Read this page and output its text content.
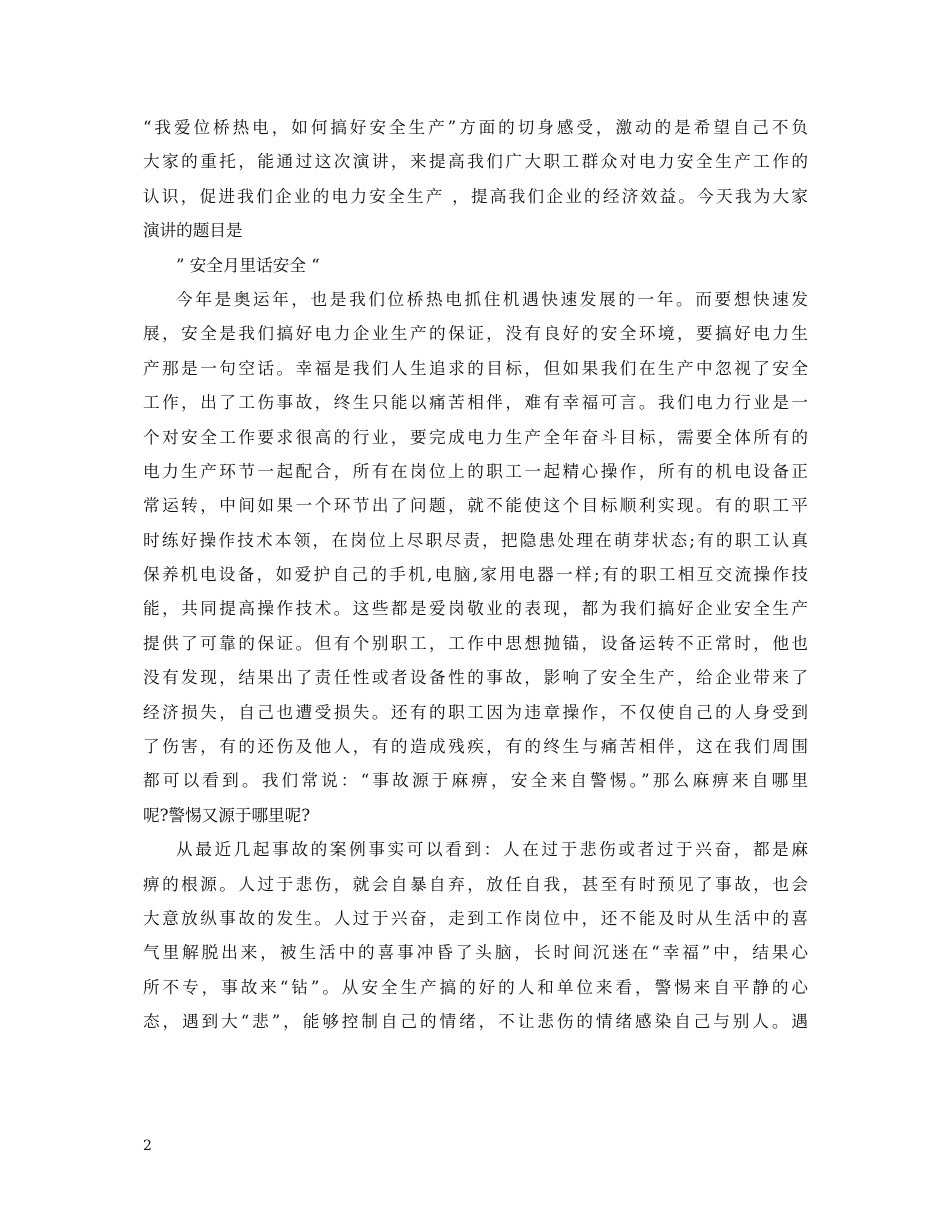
“我爱位桥热电，如何搞好安全生产”方面的切身感受，激动的是希望自己不负
大家的重托，能通过这次演讲，来提高我们广大职工群众对电力安全生产工作的
认识，促进我们企业的电力安全生产 ，提高我们企业的经济效益。今天我为大家
演讲的题目是
” 安全月里话安全 “
今年是奥运年，也是我们位桥热电抓住机遇快速发展的一年。而要想快速发
展，安全是我们搞好电力企业生产的保证，没有良好的安全环境，要搞好电力生
产那是一句空话。幸福是我们人生追求的目标，但如果我们在生产中忽视了安全
工作，出了工伤事故，终生只能以痛苦相伴，难有幸福可言。我们电力行业是一
个对安全工作要求很高的行业，要完成电力生产全年奋斗目标，需要全体所有的
电力生产环节一起配合，所有在岗位上的职工一起精心操作，所有的机电设备正
常运转，中间如果一个环节出了问题，就不能使这个目标顺利实现。有的职工平
时练好操作技术本领，在岗位上尽职尽责，把隐患处理在萌芽状态;有的职工认真
保养机电设备，如爱护自己的手机,电脑,家用电器一样;有的职工相互交流操作技
能，共同提高操作技术。这些都是爱岗敬业的表现，都为我们搞好企业安全生产
提供了可靠的保证。但有个别职工，工作中思想抛锚，设备运转不正常时，他也
没有发现，结果出了责任性或者设备性的事故，影响了安全生产，给企业带来了
经济损失，自己也遭受损失。还有的职工因为违章操作，不仅使自己的人身受到
了伤害，有的还伤及他人，有的造成残疾，有的终生与痛苦相伴，这在我们周围
都可以看到。我们常说：“事故源于麻痹，安全来自警惕。”那么麻痹来自哪里
呢?警惕又源于哪里呢?
从最近几起事故的案例事实可以看到：人在过于悲伤或者过于兴奋，都是麻
痹的根源。人过于悲伤，就会自暴自弃，放任自我，甚至有时预见了事故，也会
大意放纵事故的发生。人过于兴奋，走到工作岗位中，还不能及时从生活中的喜
气里解脱出来，被生活中的喜事冲昏了头脑，长时间沉迷在“幸福”中，结果心
所不专，事故来“钻”。从安全生产搞的好的人和单位来看，警惕来自平静的心
态，遇到大“悲”，能够控制自己的情绪，不让悲伤的情绪感染自己与别人。遇
2
